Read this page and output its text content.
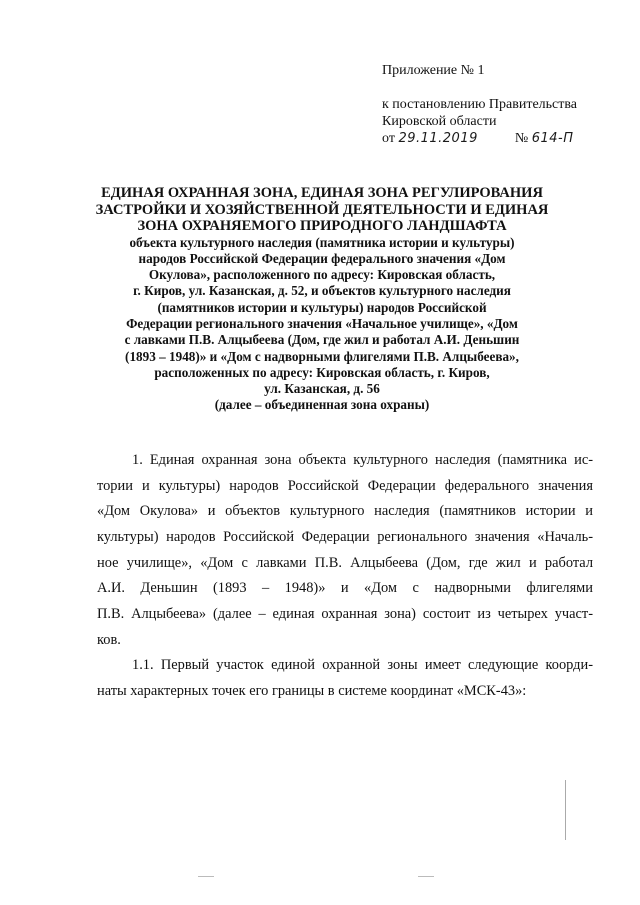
Приложение № 1
к постановлению Правительства
Кировской области
от 29.11.2019	№ 614-П
ЕДИНАЯ ОХРАННАЯ ЗОНА, ЕДИНАЯ ЗОНА РЕГУЛИРОВАНИЯ
ЗАСТРОЙКИ И ХОЗЯЙСТВЕННОЙ ДЕЯТЕЛЬНОСТИ И ЕДИНАЯ
ЗОНА ОХРАНЯЕМОГО ПРИРОДНОГО ЛАНДШАФТА
объекта культурного наследия (памятника истории и культуры)
народов Российской Федерации федерального значения «Дом
Окулова», расположенного по адресу: Кировская область,
г. Киров, ул. Казанская, д. 52, и объектов культурного наследия
(памятников истории и культуры) народов Российской
Федерации регионального значения «Начальное училище», «Дом
с лавками П.В. Алцыбеева (Дом, где жил и работал А.И. Деньшин
(1893 – 1948)» и «Дом с надворными флигелями П.В. Алцыбеева»,
расположенных по адресу: Кировская область, г. Киров,
ул. Казанская, д. 56
(далее – объединенная зона охраны)
1. Единая охранная зона объекта культурного наследия (памятника ис-
тории и культуры) народов Российской Федерации федерального значения
«Дом Окулова» и объектов культурного наследия (памятников истории и
культуры) народов Российской Федерации регионального значения «Началь-
ное училище», «Дом с лавками П.В. Алцыбеева (Дом, где жил и работал
А.И. Деньшин (1893 – 1948)» и «Дом с надворными флигелями
П.В. Алцыбеева» (далее – единая охранная зона) состоит из четырех участ-
ков.
1.1. Первый участок единой охранной зоны имеет следующие коорди-
наты характерных точек его границы в системе координат «МСК-43»:
